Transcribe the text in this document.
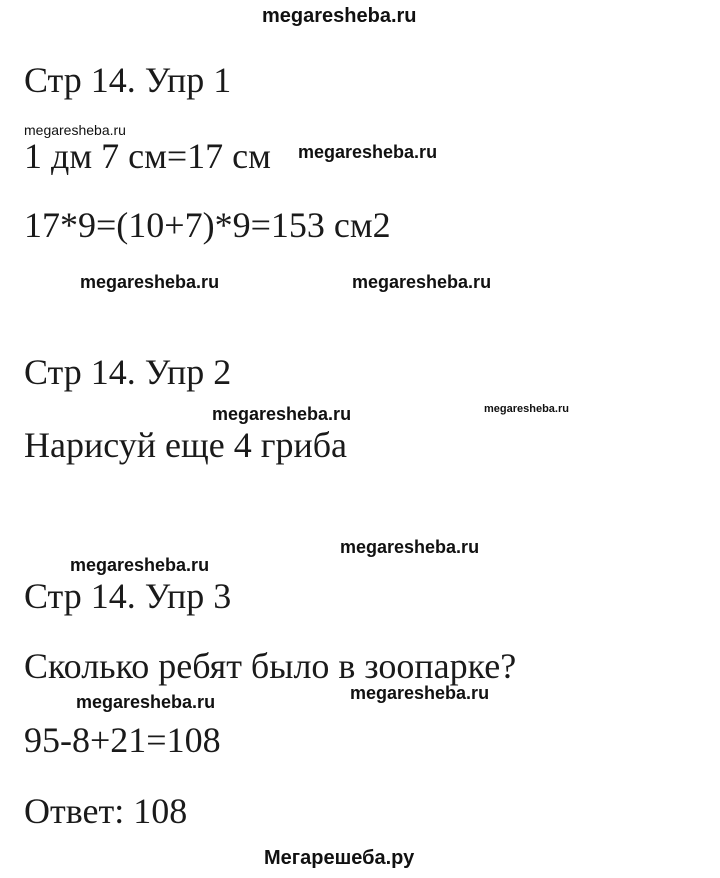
megaresheba.ru
Стр 14. Упр 1
megaresheba.ru
1 дм 7 см=17 см megaresheba.ru
17*9=(10+7)*9=153 см2
megaresheba.ru	megaresheba.ru
Стр 14. Упр 2
megaresheba.ru	megaresheba.ru
Нарисуй еще 4 гриба
megaresheba.ru
megaresheba.ru
Стр 14. Упр 3
Сколько ребят было в зоопарке?
megaresheba.ru	megaresheba.ru
95-8+21=108
Ответ: 108
Мегарешеба.ру
